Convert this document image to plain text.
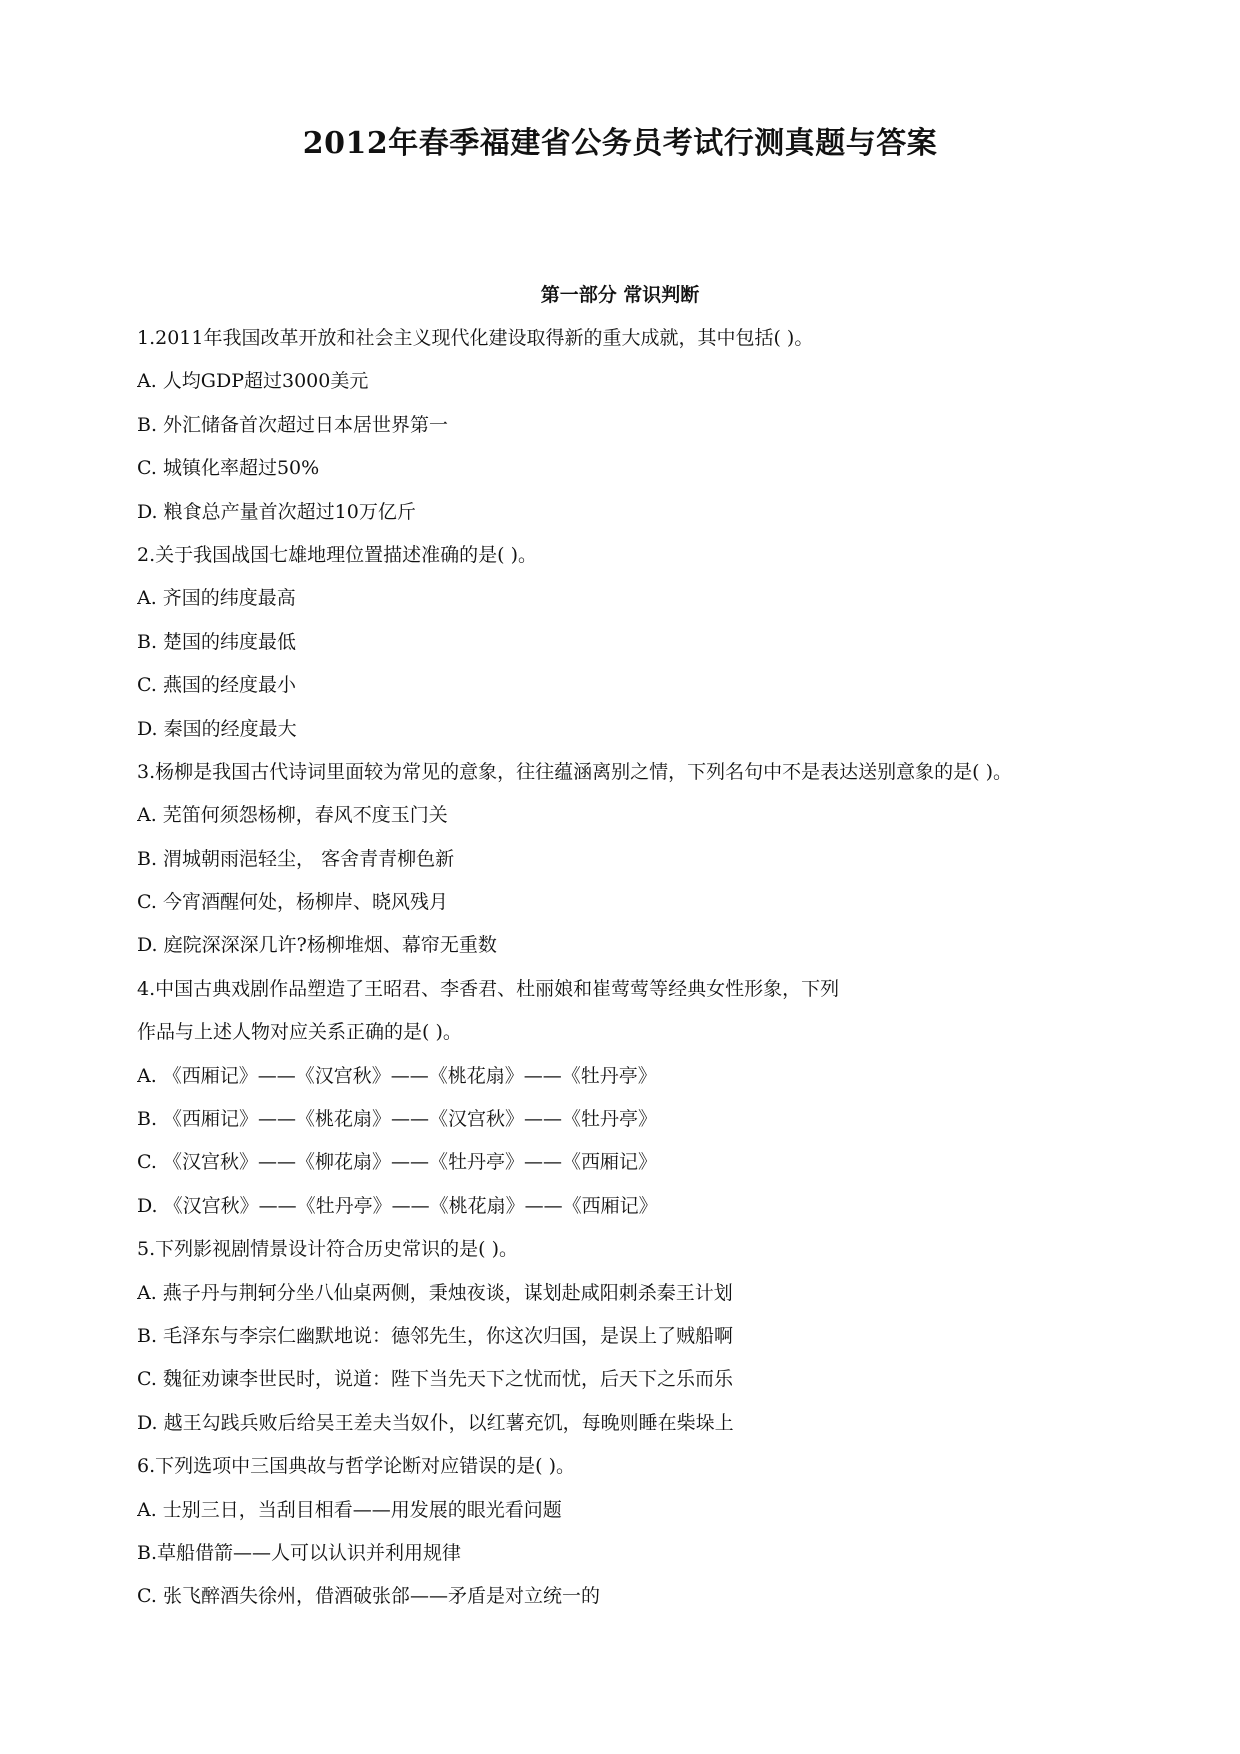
2012年春季福建省公务员考试行测真题与答案
第一部分 常识判断
1.2011年我国改革开放和社会主义现代化建设取得新的重大成就，其中包括( )。
A. 人均GDP超过3000美元
B. 外汇储备首次超过日本居世界第一
C. 城镇化率超过50%
D. 粮食总产量首次超过10万亿斤
2.关于我国战国七雄地理位置描述准确的是( )。
A. 齐国的纬度最高
B. 楚国的纬度最低
C. 燕国的经度最小
D. 秦国的经度最大
3.杨柳是我国古代诗词里面较为常见的意象，往往蕴涵离别之情，下列名句中不是表达送别意象的是( )。
A. 芜笛何须怨杨柳，春风不度玉门关
B. 渭城朝雨浥轻尘， 客舍青青柳色新
C. 今宵酒醒何处，杨柳岸、晓风残月
D. 庭院深深深几许?杨柳堆烟、幕帘无重数
4.中国古典戏剧作品塑造了王昭君、李香君、杜丽娘和崔莺莺等经典女性形象，下列
作品与上述人物对应关系正确的是( )。
A. 《西厢记》——《汉宫秋》——《桃花扇》——《牡丹亭》
B. 《西厢记》——《桃花扇》——《汉宫秋》——《牡丹亭》
C. 《汉宫秋》——《柳花扇》——《牡丹亭》——《西厢记》
D. 《汉宫秋》——《牡丹亭》——《桃花扇》——《西厢记》
5.下列影视剧情景设计符合历史常识的是( )。
A. 燕子丹与荆轲分坐八仙桌两侧，秉烛夜谈，谋划赴咸阳刺杀秦王计划
B. 毛泽东与李宗仁幽默地说：德邻先生，你这次归国，是误上了贼船啊
C. 魏征劝谏李世民时，说道：陛下当先天下之忧而忧，后天下之乐而乐
D. 越王勾践兵败后给吴王差夫当奴仆，以红薯充饥，每晚则睡在柴垛上
6.下列选项中三国典故与哲学论断对应错误的是( )。
A. 士别三日，当刮目相看——用发展的眼光看问题
B.草船借箭——人可以认识并利用规律
C. 张飞醉酒失徐州，借酒破张郃——矛盾是对立统一的
